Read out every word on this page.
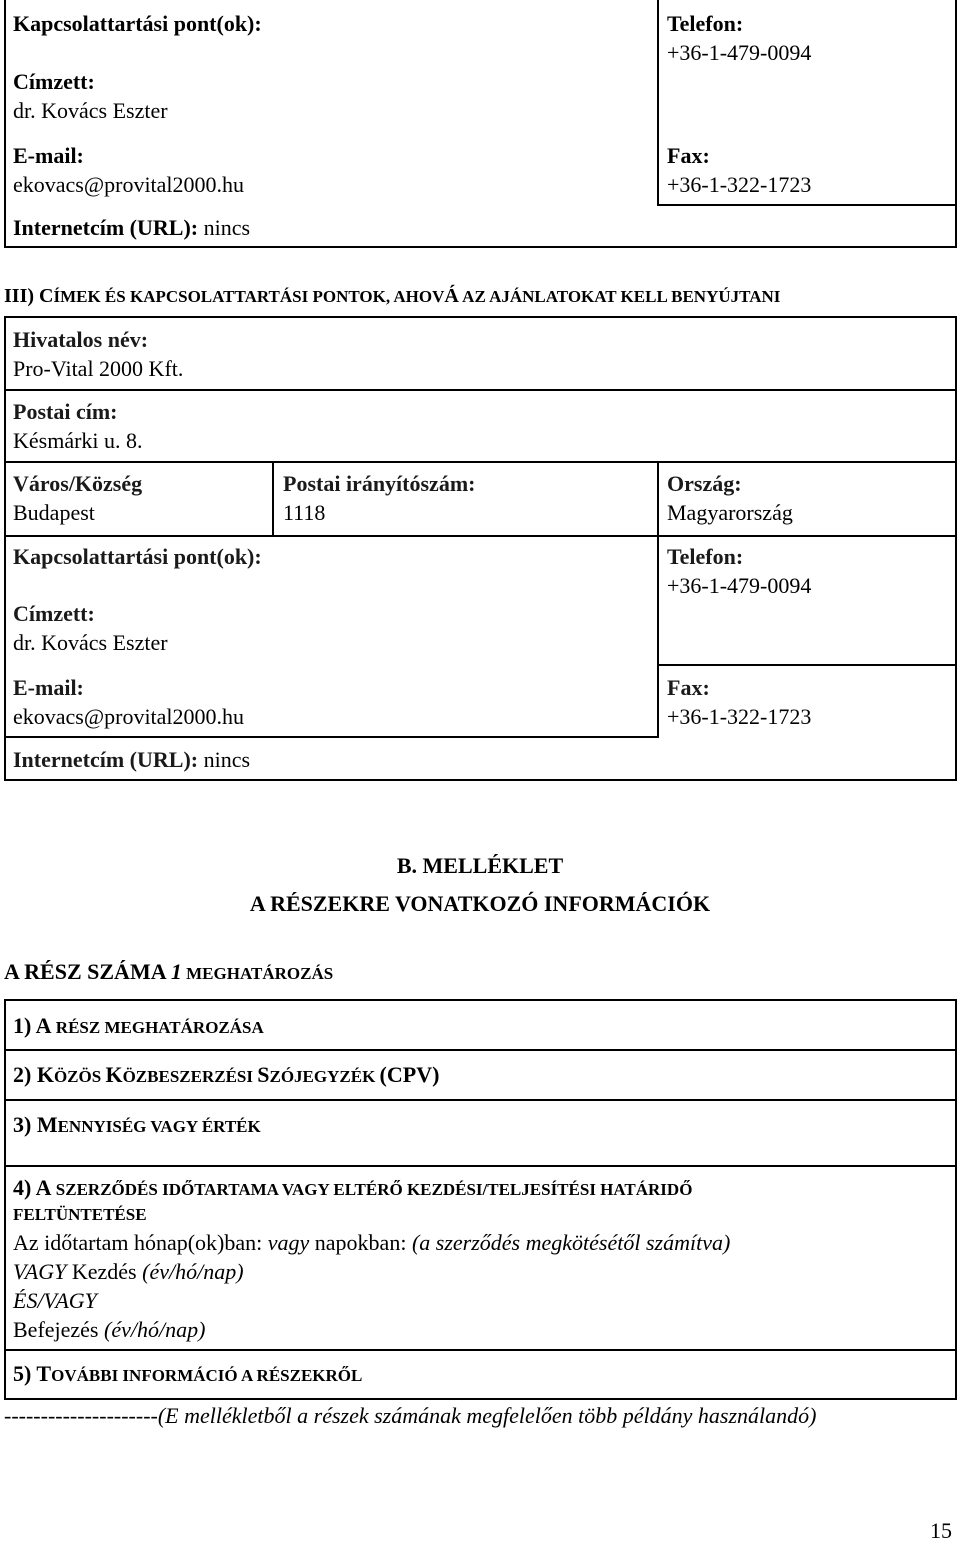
Kapcsolattartási pont(ok):
Címzett:
dr. Kovács Eszter
E-mail:
ekovacs@provital2000.hu
Internetcím (URL): nincs
Telefon:
+36-1-479-0094
Fax:
+36-1-322-1723
III) CÍMEK ÉS KAPCSOLATTARTÁSI PONTOK, AHOVÁ AZ AJÁNLATOKAT KELL BENYÚJTANI
Hivatalos név:
Pro-Vital 2000 Kft.
Postai cím:
Késmárki u. 8.
Város/Község
Budapest
Postai irányítószám:
1118
Ország:
Magyarország
Kapcsolattartási pont(ok):
Címzett:
dr. Kovács Eszter
E-mail:
ekovacs@provital2000.hu
Internetcím (URL): nincs
Telefon:
+36-1-479-0094
Fax:
+36-1-322-1723
B. MELLÉKLET
A RÉSZEKRE VONATKOZÓ INFORMÁCIÓK
A RÉSZ SZÁMA 1 MEGHATÁROZÁS
1) A RÉSZ MEGHATÁROZÁSA
2) KÖZÖS KÖZBESZERZÉSI SZÓJEGYZÉK (CPV)
3) MENNYISÉG VAGY ÉRTÉK
4) A SZERZŐDÉS IDŐTARTAMA VAGY ELTÉRŐ KEZDÉSI/TELJESÍTÉSI HATÁRIDŐ
FELTÜNTETÉSE
Az időtartam hónap(ok)ban: vagy napokban: (a szerződés megkötésétől számítva)
VAGY Kezdés (év/hó/nap)
ÉS/VAGY
Befejezés (év/hó/nap)
5) TOVÁBBI INFORMÁCIÓ A RÉSZEKRŐL
---------------------(E mellékletből a részek számának megfelelően több példány használandó)
15
